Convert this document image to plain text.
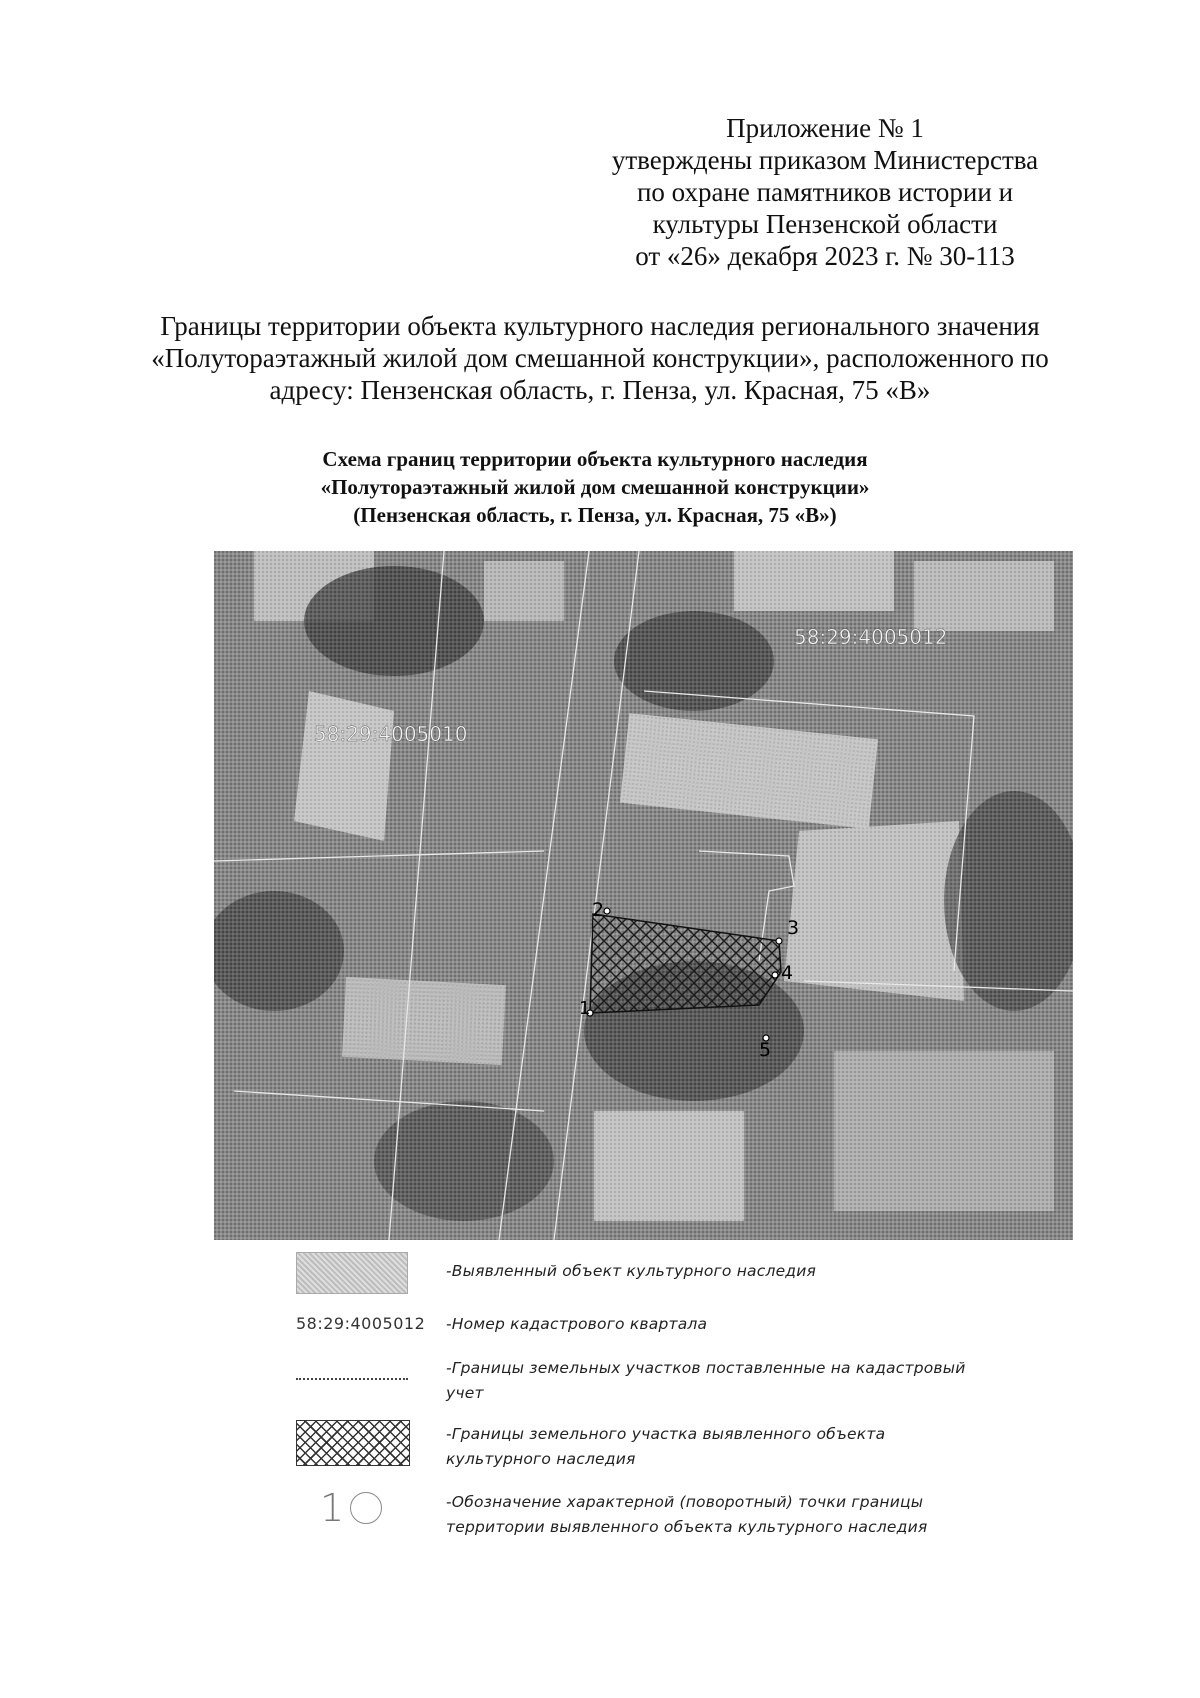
Приложение № 1
утверждены приказом Министерства
по охране памятников истории и
культуры Пензенской области
от «26» декабря 2023 г. № 30-113
Границы территории объекта культурного наследия регионального значения
«Полутораэтажный жилой дом смешанной конструкции», расположенного по
адресу: Пензенская область, г. Пенза, ул. Красная, 75 «В»
Схема границ территории объекта культурного наследия
«Полутораэтажный жилой дом смешанной конструкции»
(Пензенская область, г. Пенза, ул. Красная, 75 «В»)
58:29:4005010
58:29:4005012
1
2
3
4
5
-Выявленный объект культурного наследия
58:29:4005012 -Номер кадастрового квартала
-Границы земельных участков поставленные на кадастровый
учет
-Границы земельного участка выявленного объекта
культурного наследия
1	-Обозначение характерной (поворотный) точки границы
территории выявленного объекта культурного наследия
